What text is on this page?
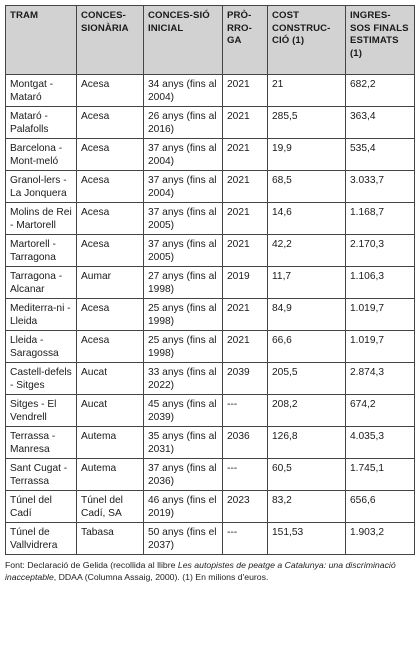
TRAM	CONCES-SIONÀRIA	CONCES-SIÓ INICIAL	PRÒ-RRO-GA	COST CONSTRUC-CIÓ (1)	INGRES-SOS FINALS ESTIMATS (1)
Montgat - Mataró	Acesa	34 anys (fins al 2004)	2021	21	682,2
Mataró - Palafolls	Acesa	26 anys (fins al 2016)	2021	285,5	363,4
Barcelona - Mont-meló	Acesa	37 anys (fins al 2004)	2021	19,9	535,4
Granol-lers - La Jonquera	Acesa	37 anys (fins al 2004)	2021	68,5	3.033,7
Molins de Rei - Martorell	Acesa	37 anys (fins al 2005)	2021	14,6	1.168,7
Martorell - Tarragona	Acesa	37 anys (fins al 2005)	2021	42,2	2.170,3
Tarragona - Alcanar	Aumar	27 anys (fins al 1998)	2019	11,7	1.106,3
Mediterra-ni - Lleida	Acesa	25 anys (fins al 1998)	2021	84,9	1.019,7
Lleida - Saragossa	Acesa	25 anys (fins al 1998)	2021	66,6	1.019,7
Castell-defels - Sitges	Aucat	33 anys (fins al 2022)	2039	205,5	2.874,3
Sitges - El Vendrell	Aucat	45 anys (fins al 2039)	---	208,2	674,2
Terrassa - Manresa	Autema	35 anys (fins al 2031)	2036	126,8	4.035,3
Sant Cugat - Terrassa	Autema	37 anys (fins al 2036)	---	60,5	1.745,1
Túnel del Cadí	Túnel del Cadí, SA	46 anys (fins el 2019)	2023	83,2	656,6
Túnel de Vallvidrera	Tabasa	50 anys (fins el 2037)	---	151,53	1.903,2
Font: Declaració de Gelida (recollida al llibre Les autopistes de peatge a Catalunya: una discriminació inacceptable, DDAA (Columna Assaig, 2000). (1) En milions d'euros.
